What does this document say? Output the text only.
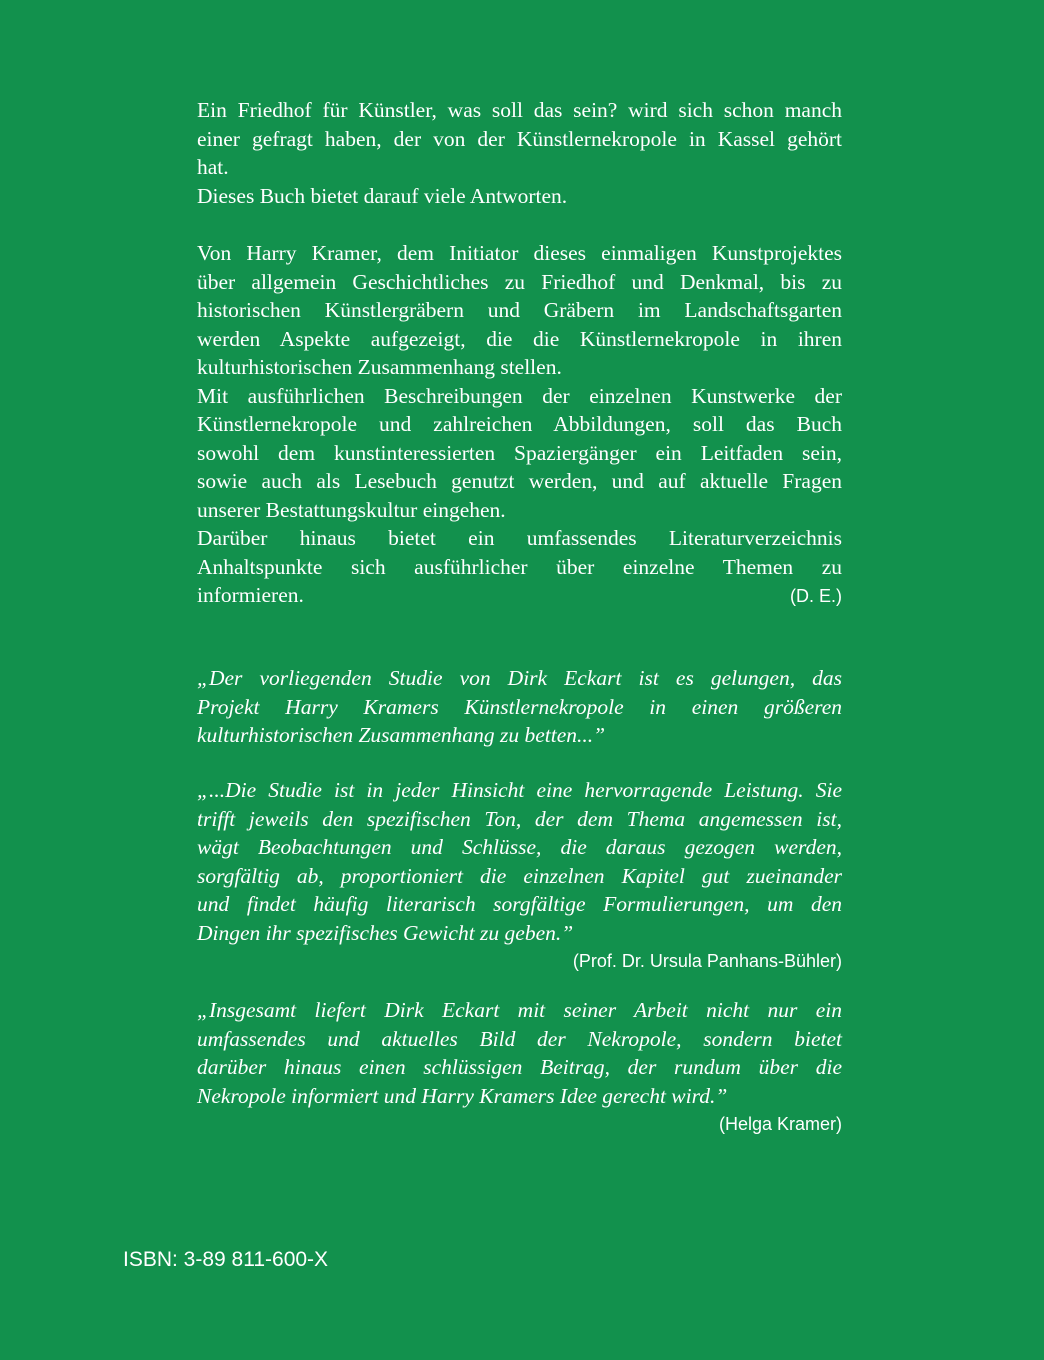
Ein Friedhof für Künstler, was soll das sein? wird sich schon manch
einer gefragt haben, der von der Künstlernekropole in Kassel gehört
hat.
Dieses Buch bietet darauf viele Antworten.
Von Harry Kramer, dem Initiator dieses einmaligen Kunstprojektes
über allgemein Geschichtliches zu Friedhof und Denkmal, bis zu
historischen Künstlergräbern und Gräbern im Landschaftsgarten
werden Aspekte aufgezeigt, die die Künstlernekropole in ihren
kulturhistorischen Zusammenhang stellen.
Mit ausführlichen Beschreibungen der einzelnen Kunstwerke der
Künstlernekropole und zahlreichen Abbildungen, soll das Buch
sowohl dem kunstinteressierten Spaziergänger ein Leitfaden sein,
sowie auch als Lesebuch genutzt werden, und auf aktuelle Fragen
unserer Bestattungskultur eingehen.
Darüber hinaus bietet ein umfassendes Literaturverzeichnis
Anhaltspunkte sich ausführlicher über einzelne Themen zu
informieren.	(D. E.)
„Der vorliegenden Studie von Dirk Eckart ist es gelungen, das
Projekt Harry Kramers Künstlernekropole in einen größeren
kulturhistorischen Zusammenhang zu betten...”
„...Die Studie ist in jeder Hinsicht eine hervorragende Leistung. Sie
trifft jeweils den spezifischen Ton, der dem Thema angemessen ist,
wägt Beobachtungen und Schlüsse, die daraus gezogen werden,
sorgfältig ab, proportioniert die einzelnen Kapitel gut zueinander
und findet häufig literarisch sorgfältige Formulierungen, um den
Dingen ihr spezifisches Gewicht zu geben.”
(Prof. Dr. Ursula Panhans-Bühler)
„Insgesamt liefert Dirk Eckart mit seiner Arbeit nicht nur ein
umfassendes und aktuelles Bild der Nekropole, sondern bietet
darüber hinaus einen schlüssigen Beitrag, der rundum über die
Nekropole informiert und Harry Kramers Idee gerecht wird.”
(Helga Kramer)
ISBN: 3-89 811-600-X
